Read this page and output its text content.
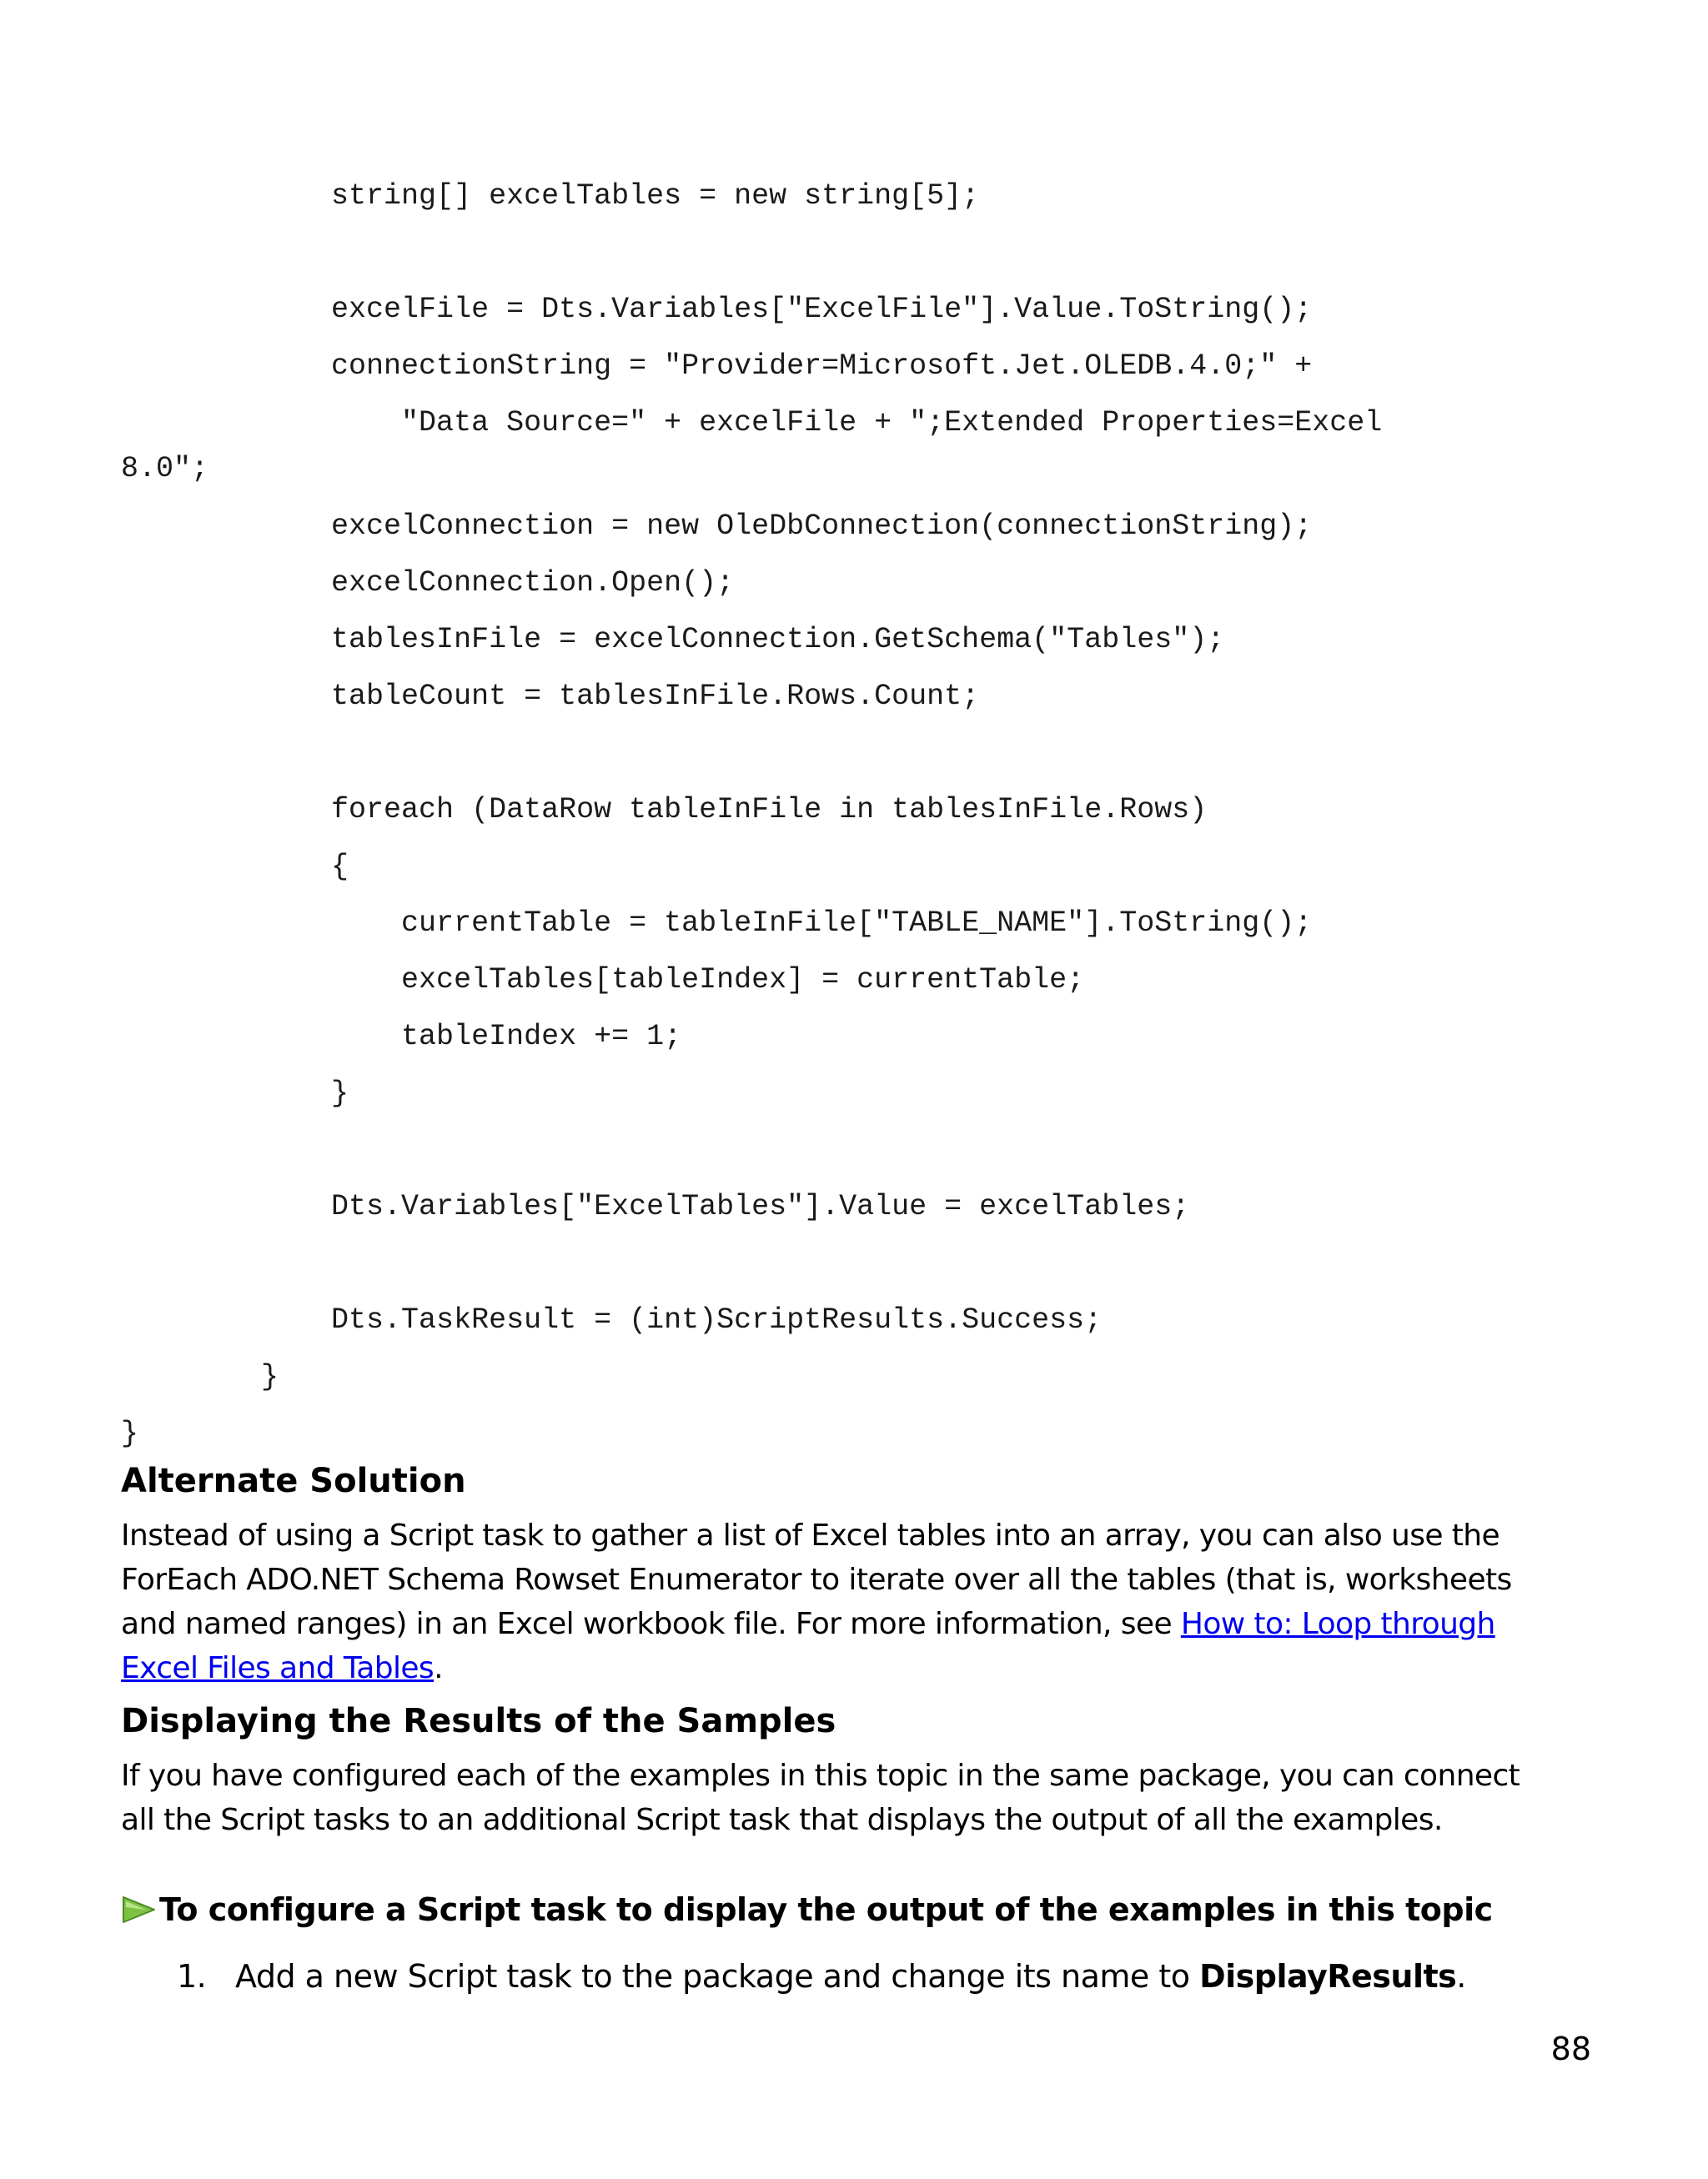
string[] excelTables = new string[5];
excelFile = Dts.Variables["ExcelFile"].Value.ToString();
connectionString = "Provider=Microsoft.Jet.OLEDB.4.0;" +
"Data Source=" + excelFile + ";Extended Properties=Excel
8.0";
excelConnection = new OleDbConnection(connectionString);
excelConnection.Open();
tablesInFile = excelConnection.GetSchema("Tables");
tableCount = tablesInFile.Rows.Count;
foreach (DataRow tableInFile in tablesInFile.Rows)
{
currentTable = tableInFile["TABLE_NAME"].ToString();
excelTables[tableIndex] = currentTable;
tableIndex += 1;
}
Dts.Variables["ExcelTables"].Value = excelTables;
Dts.TaskResult = (int)ScriptResults.Success;
}
}
Alternate Solution
Instead of using a Script task to gather a list of Excel tables into an array, you can also use the
ForEach ADO.NET Schema Rowset Enumerator to iterate over all the tables (that is, worksheets
and named ranges) in an Excel workbook file. For more information, see How to: Loop through
Excel Files and Tables.
Displaying the Results of the Samples
If you have configured each of the examples in this topic in the same package, you can connect
all the Script tasks to an additional Script task that displays the output of all the examples.
To configure a Script task to display the output of the examples in this topic
1. Add a new Script task to the package and change its name to DisplayResults.
88
